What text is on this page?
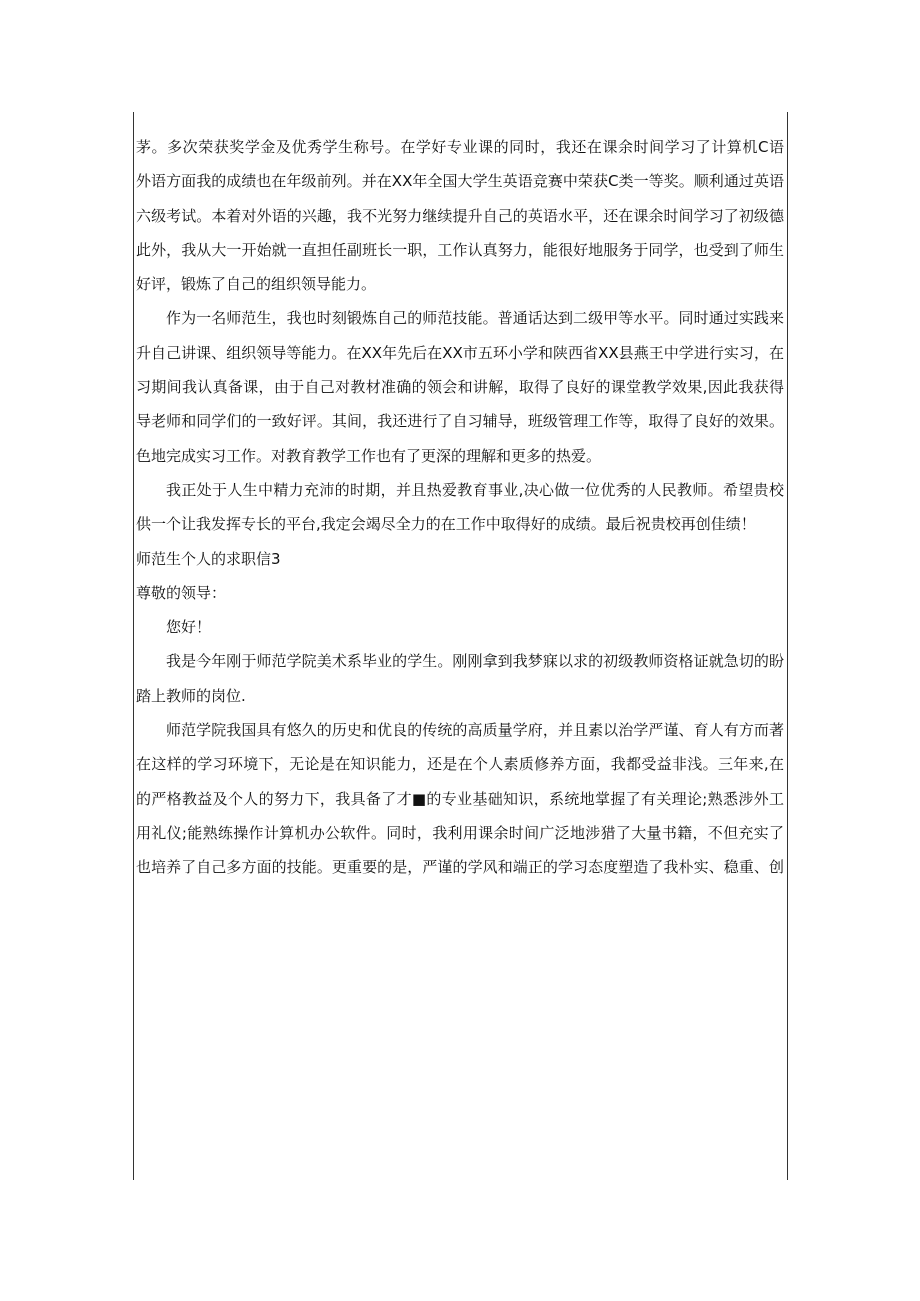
茅。多次荣获奖学金及优秀学生称号。在学好专业课的同时，我还在课余时间学习了计算机C语
外语方面我的成绩也在年级前列。并在XX年全国大学生英语竞赛中荣获C类一等奖。顺利通过英语
六级考试。本着对外语的兴趣，我不光努力继续提升自己的英语水平，还在课余时间学习了初级德
此外，我从大一开始就一直担任副班长一职，工作认真努力，能很好地服务于同学，也受到了师生
好评，锻炼了自己的组织领导能力。
作为一名师范生，我也时刻锻炼自己的师范技能。普通话达到二级甲等水平。同时通过实践来
升自己讲课、组织领导等能力。在XX年先后在XX市五环小学和陕西省XX县燕王中学进行实习，在
习期间我认真备课，由于自己对教材准确的领会和讲解，取得了良好的课堂教学效果,因此我获得
导老师和同学们的一致好评。其间，我还进行了自习辅导，班级管理工作等，取得了良好的效果。
色地完成实习工作。对教育教学工作也有了更深的理解和更多的热爱。
我正处于人生中精力充沛的时期，并且热爱教育事业,决心做一位优秀的人民教师。希望贵校
供一个让我发挥专长的平台,我定会竭尽全力的在工作中取得好的成绩。最后祝贵校再创佳绩！
师范生个人的求职信3
尊敬的领导：
您好！
我是今年刚于师范学院美术系毕业的学生。刚刚拿到我梦寐以求的初级教师资格证就急切的盼
踏上教师的岗位.
师范学院我国具有悠久的历史和优良的传统的高质量学府，并且素以治学严谨、育人有方而著
在这样的学习环境下，无论是在知识能力，还是在个人素质修养方面，我都受益非浅。三年来,在
的严格教益及个人的努力下，我具备了才■的专业基础知识，系统地掌握了有关理论;熟悉涉外工
用礼仪;能熟练操作计算机办公软件。同时，我利用课余时间广泛地涉猎了大量书籍，不但充实了
也培养了自己多方面的技能。更重要的是，严谨的学风和端正的学习态度塑造了我朴实、稳重、创
